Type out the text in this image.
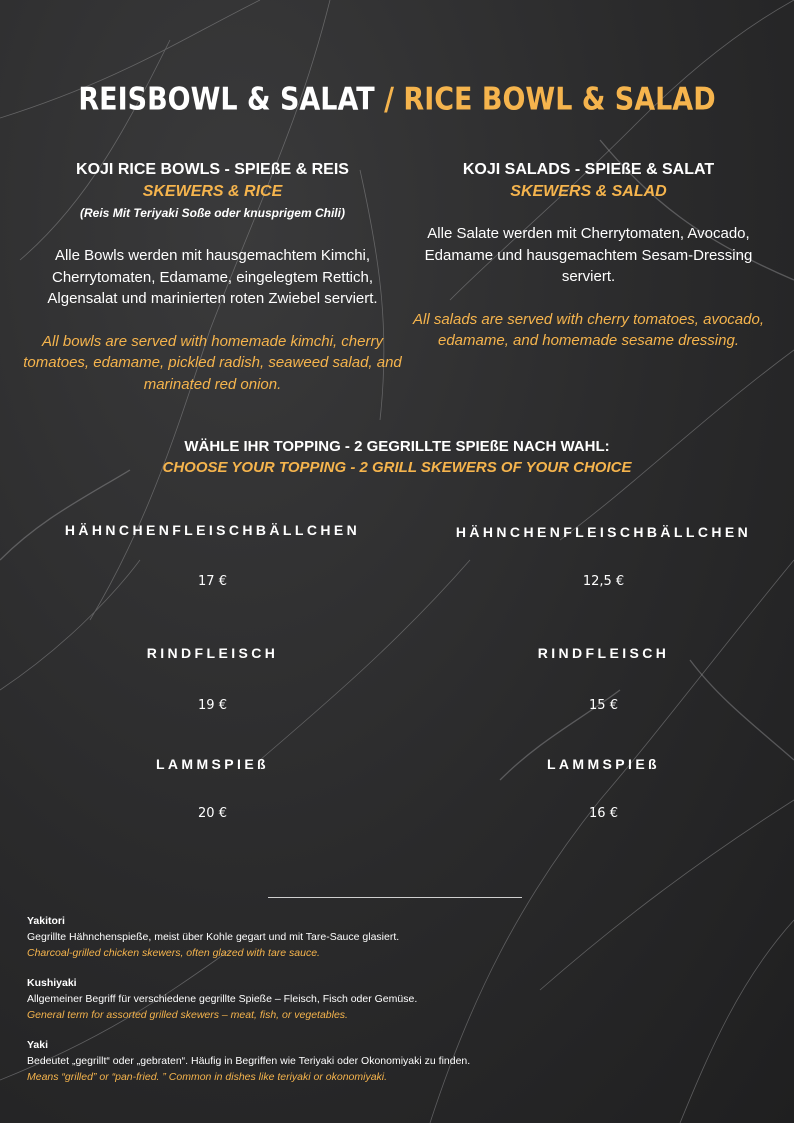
REISBOWL & SALAT / RICE BOWL & SALAD

KOJI RICE BOWLS - SPIEßE & REIS

SKEWERS & RICE

(Reis Mit Teriyaki Soße oder knusprigem Chili)

Alle Bowls werden mit hausgemachtem Kimchi, Cherrytomaten, Edamame, eingelegtem Rettich, Algensalat und marinierten roten Zwiebel serviert.

All bowls are served with homemade kimchi, cherry tomatoes, edamame, pickled radish, seaweed salad, and marinated red onion.

KOJI SALADS - SPIEßE & SALAT

SKEWERS & SALAD

Alle Salate werden mit Cherrytomaten, Avocado, Edamame und hausgemachtem Sesam-Dressing serviert.

All salads are served with cherry tomatoes, avocado, edamame, and homemade sesame dressing.

WÄHLE IHR TOPPING - 2 GEGRILLTE SPIEßE NACH WAHL:
CHOOSE YOUR TOPPING - 2 GRILL SKEWERS OF YOUR CHOICE
HÄHNCHENFLEISCHBÄLLCHEN
17 €
RINDFLEISCH
19 €
LAMMSPIEß
20 €
HÄHNCHENFLEISCHBÄLLCHEN
12,5 €
RINDFLEISCH
15 €
LAMMSPIEß
16 €
Yakitori
Gegrillte Hähnchenspieße, meist über Kohle gegart und mit Tare-Sauce glasiert.
Charcoal-grilled chicken skewers, often glazed with tare sauce.
Kushiyaki
Allgemeiner Begriff für verschiedene gegrillte Spieße – Fleisch, Fisch oder Gemüse.
General term for assorted grilled skewers – meat, fish, or vegetables.
Yaki
Bedeutet „gegrillt“ oder „gebraten“. Häufig in Begriffen wie Teriyaki oder Okonomiyaki zu finden.
Means “grilled” or “pan-fried. ” Common in dishes like teriyaki or okonomiyaki.
